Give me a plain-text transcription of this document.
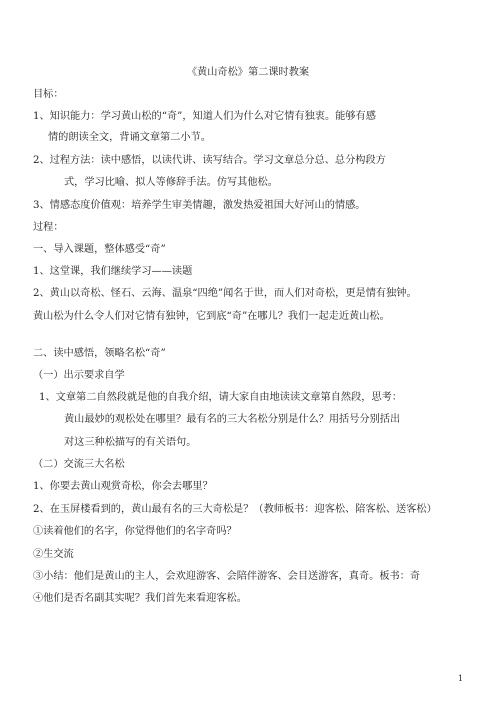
《黄山奇松》第二课时教案
目标：
1、知识能力：学习黄山松的“奇”，知道人们为什么对它情有独衷。能够有感
情的朗读全文，背诵文章第二小节。
2、过程方法：读中感悟，以读代讲、读写结合。学习文章总分总、总分构段方
式，学习比喻、拟人等修辞手法。仿写其他松。
3、情感态度价值观：培养学生审美情趣，激发热爱祖国大好河山的情感。
过程：
一、导入课题，整体感受“奇”
1、这堂课，我们继续学习——读题
2、黄山以奇松、怪石、云海、温泉“四绝”闻名于世，而人们对奇松，更是情有独钟。
黄山松为什么令人们对它情有独钟，它到底“奇”在哪儿？我们一起走近黄山松。
二、读中感悟，领略名松“奇”
（一）出示要求自学
1、文章第二自然段就是他的自我介绍，请大家自由地读读文章第自然段，思考：
黄山最妙的观松处在哪里？最有名的三大名松分别是什么？用括号分别括出
对这三种松描写的有关语句。
（二）交流三大名松
1、你要去黄山观赏奇松，你会去哪里？
2、在玉屏楼看到的，黄山最有名的三大奇松是？（教师板书：迎客松、陪客松、送客松）
①读着他们的名字，你觉得他们的名字奇吗？
②生交流
③小结：他们是黄山的主人，会欢迎游客、会陪伴游客、会目送游客，真奇。板书：奇
④他们是否名副其实呢？我们首先来看迎客松。
1
